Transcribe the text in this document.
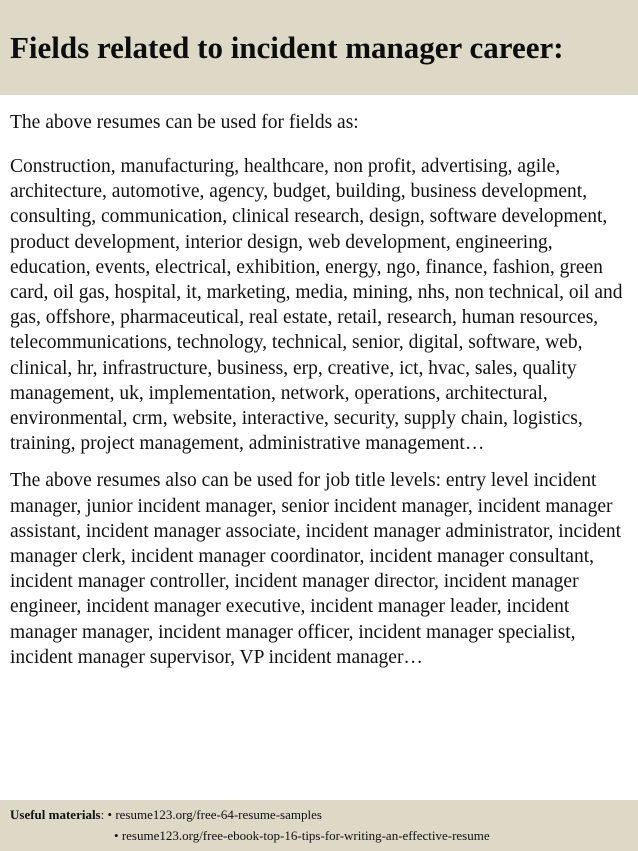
Fields related to incident manager career:

The above resumes can be used for fields as:

Construction, manufacturing, healthcare, non profit, advertising, agile, architecture, automotive, agency, budget, building, business development, consulting, communication, clinical research, design, software development, product development, interior design, web development, engineering, education, events, electrical, exhibition, energy, ngo, finance, fashion, green card, oil gas, hospital, it, marketing, media, mining, nhs, non technical, oil and gas, offshore, pharmaceutical, real estate, retail, research, human resources, telecommunications, technology, technical, senior, digital, software, web, clinical, hr, infrastructure, business, erp, creative, ict, hvac, sales, quality management, uk, implementation, network, operations, architectural, environmental, crm, website, interactive, security, supply chain, logistics, training, project management, administrative management…

The above resumes also can be used for job title levels: entry level incident manager, junior incident manager, senior incident manager, incident manager assistant, incident manager associate, incident manager administrator, incident manager clerk, incident manager coordinator, incident manager consultant, incident manager controller, incident manager director, incident manager engineer, incident manager executive, incident manager leader, incident manager manager, incident manager officer, incident manager specialist, incident manager supervisor, VP incident manager…

Useful materials: • resume123.org/free-64-resume-samples
• resume123.org/free-ebook-top-16-tips-for-writing-an-effective-resume
